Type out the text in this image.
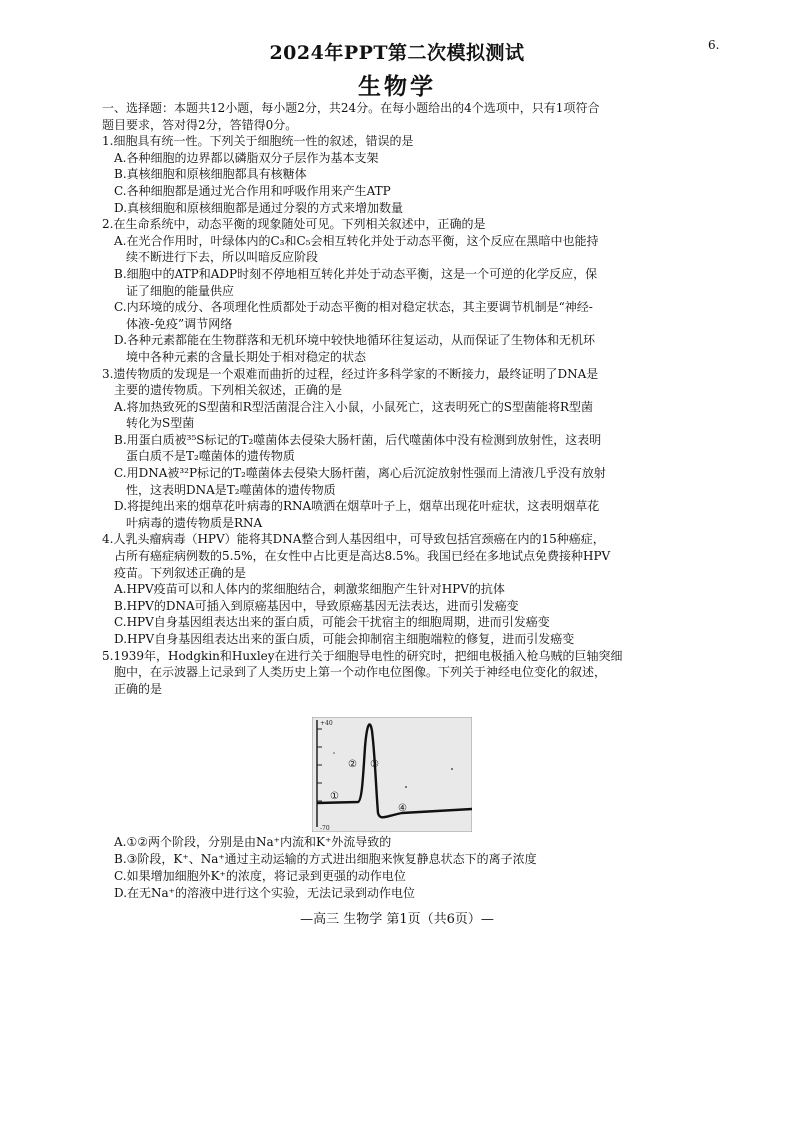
6.
2024年PPT第二次模拟测试
生物学

一、选择题：本题共12小题，每小题2分，共24分。在每小题给出的4个选项中，只有1项符合

题目要求，答对得2分，答错得0分。

1.细胞具有统一性。下列关于细胞统一性的叙述，错误的是

A.各种细胞的边界都以磷脂双分子层作为基本支架

B.真核细胞和原核细胞都具有核糖体

C.各种细胞都是通过光合作用和呼吸作用来产生ATP

D.真核细胞和原核细胞都是通过分裂的方式来增加数量

2.在生命系统中，动态平衡的现象随处可见。下列相关叙述中，正确的是

A.在光合作用时，叶绿体内的C₃和C₅会相互转化并处于动态平衡，这个反应在黑暗中也能持

续不断进行下去，所以叫暗反应阶段

B.细胞中的ATP和ADP时刻不停地相互转化并处于动态平衡，这是一个可逆的化学反应，保

证了细胞的能量供应

C.内环境的成分、各项理化性质都处于动态平衡的相对稳定状态，其主要调节机制是“神经-

体液-免疫”调节网络

D.各种元素都能在生物群落和无机环境中较快地循环往复运动，从而保证了生物体和无机环

境中各种元素的含量长期处于相对稳定的状态

3.遗传物质的发现是一个艰难而曲折的过程，经过许多科学家的不断接力，最终证明了DNA是

主要的遗传物质。下列相关叙述，正确的是

A.将加热致死的S型菌和R型活菌混合注入小鼠，小鼠死亡，这表明死亡的S型菌能将R型菌

转化为S型菌

B.用蛋白质被³⁵S标记的T₂噬菌体去侵染大肠杆菌，后代噬菌体中没有检测到放射性，这表明

蛋白质不是T₂噬菌体的遗传物质

C.用DNA被³²P标记的T₂噬菌体去侵染大肠杆菌，离心后沉淀放射性强而上清液几乎没有放射

性，这表明DNA是T₂噬菌体的遗传物质

D.将提纯出来的烟草花叶病毒的RNA喷洒在烟草叶子上，烟草出现花叶症状，这表明烟草花

叶病毒的遗传物质是RNA

4.人乳头瘤病毒（HPV）能将其DNA整合到人基因组中，可导致包括宫颈癌在内的15种癌症，

占所有癌症病例数的5.5%，在女性中占比更是高达8.5%。我国已经在多地试点免费接种HPV

疫苗。下列叙述正确的是

A.HPV疫苗可以和人体内的浆细胞结合，刺激浆细胞产生针对HPV的抗体

B.HPV的DNA可插入到原癌基因中，导致原癌基因无法表达，进而引发癌变

C.HPV自身基因组表达出来的蛋白质，可能会干扰宿主的细胞周期，进而引发癌变

D.HPV自身基因组表达出来的蛋白质，可能会抑制宿主细胞端粒的修复，进而引发癌变

5.1939年，Hodgkin和Huxley在进行关于细胞导电性的研究时，把细电极插入枪乌贼的巨轴突细

胞中，在示波器上记录到了人类历史上第一个动作电位图像。下列关于神经电位变化的叙述，

正确的是

+40
-70
①
② ③
④

A.①②两个阶段，分别是由Na⁺内流和K⁺外流导致的

B.③阶段，K⁺、Na⁺通过主动运输的方式进出细胞来恢复静息状态下的离子浓度

C.如果增加细胞外K⁺的浓度，将记录到更强的动作电位

D.在无Na⁺的溶液中进行这个实验，无法记录到动作电位

—高三 生物学 第1页（共6页）—
